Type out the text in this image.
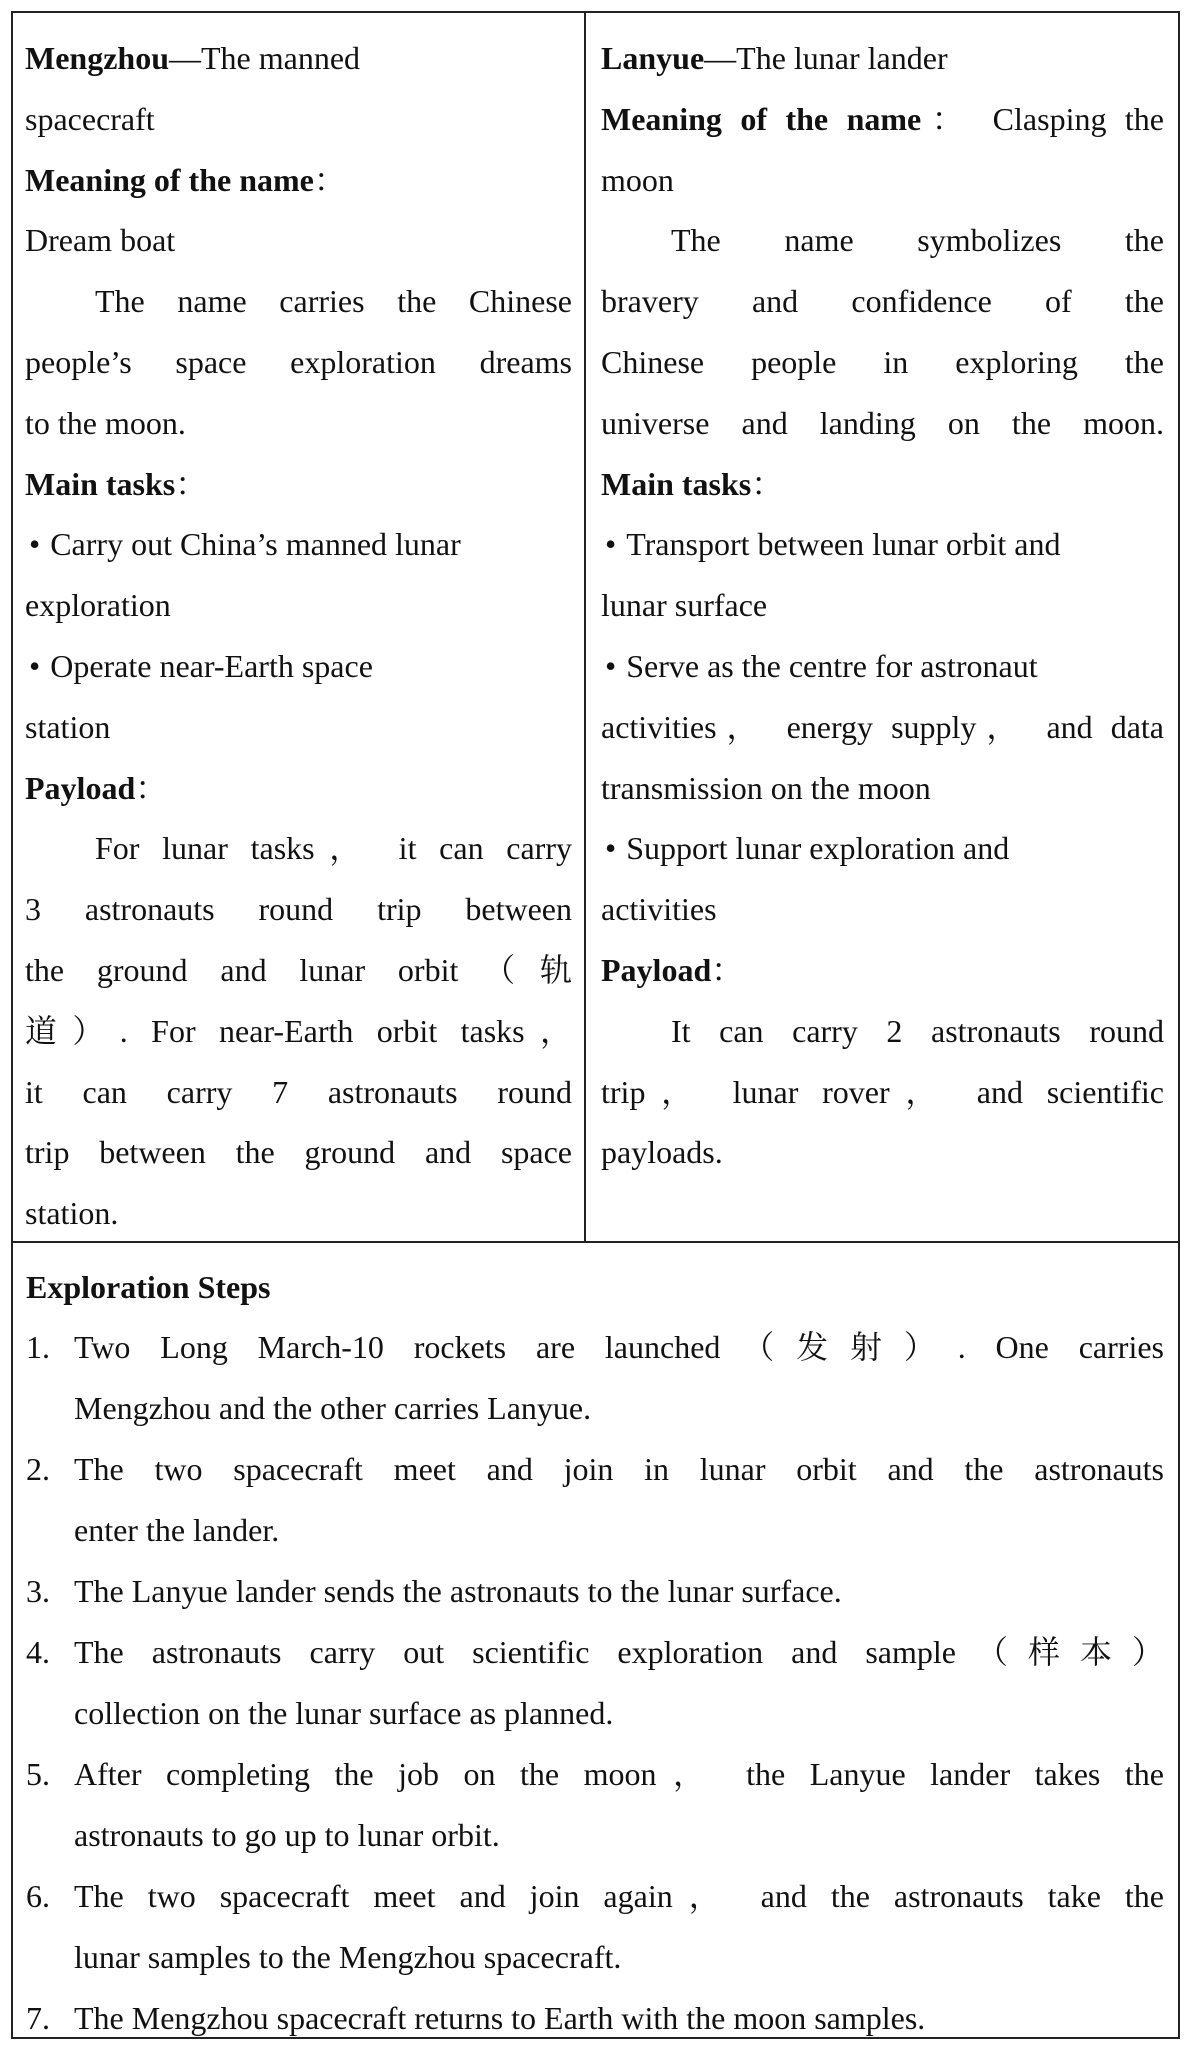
Mengzhou—The manned
spacecraft
Meaning of the name：
Dream boat
The name carries the Chinese
people’s space exploration dreams
to the moon.
Main tasks：
• Carry out China’s manned lunar
exploration
• Operate near-Earth space
station
Payload：
For lunar tasks， it can carry
3 astronauts round trip between
the ground and lunar orbit（轨
道）. For near-Earth orbit tasks，
it can carry 7 astronauts round
trip between the ground and space
station.
Lanyue—The lunar lander
Meaning of the name： Clasping the
moon
The name symbolizes the
bravery and confidence of the
Chinese people in exploring the
universe and landing on the moon.
Main tasks：
• Transport between lunar orbit and
lunar surface
• Serve as the centre for astronaut
activities， energy supply， and data
transmission on the moon
• Support lunar exploration and
activities
Payload：
It can carry 2 astronauts round
trip， lunar rover， and scientific
payloads.
Exploration Steps
1. Two Long March-10 rockets are launched（发射）. One carries
Mengzhou and the other carries Lanyue.
2. The two spacecraft meet and join in lunar orbit and the astronauts
enter the lander.
3. The Lanyue lander sends the astronauts to the lunar surface.
4. The astronauts carry out scientific exploration and sample（样本）
collection on the lunar surface as planned.
5. After completing the job on the moon， the Lanyue lander takes the
astronauts to go up to lunar orbit.
6. The two spacecraft meet and join again， and the astronauts take the
lunar samples to the Mengzhou spacecraft.
7. The Mengzhou spacecraft returns to Earth with the moon samples.
